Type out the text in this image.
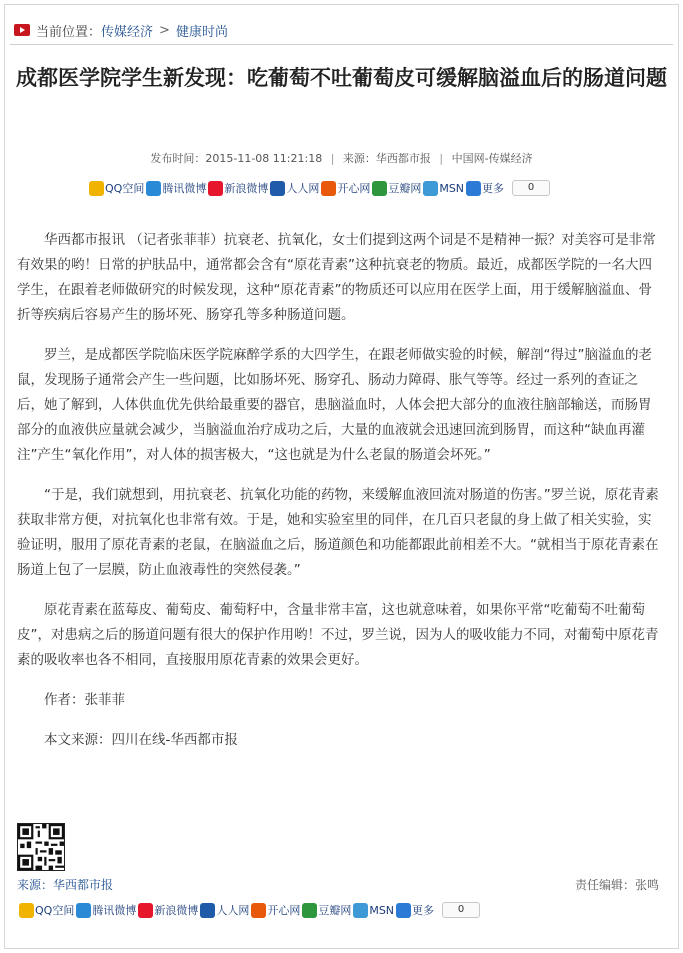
当前位置： 传媒经济 > 健康时尚
成都医学院学生新发现：吃葡萄不吐葡萄皮可缓解脑溢血后的肠道问题
发布时间：2015-11-08 11:21:18 | 来源：华西都市报 | 中国网-传媒经济
QQ空间 腾讯微博 新浪微博 人人网 开心网 豆瓣网 MSN 更多	0

华西都市报讯 （记者张菲菲）抗衰老、抗氧化，女士们提到这两个词是不是精神一振？对美容可是非常有效果的哟！日常的护肤品中，通常都会含有“原花青素”这种抗衰老的物质。最近，成都医学院的一名大四学生，在跟着老师做研究的时候发现，这种“原花青素”的物质还可以应用在医学上面，用于缓解脑溢血、骨折等疾病后容易产生的肠坏死、肠穿孔等多种肠道问题。

罗兰，是成都医学院临床医学院麻醉学系的大四学生，在跟老师做实验的时候，解剖“得过”脑溢血的老鼠，发现肠子通常会产生一些问题，比如肠坏死、肠穿孔、肠动力障碍、胀气等等。经过一系列的查证之后，她了解到，人体供血优先供给最重要的器官，患脑溢血时，人体会把大部分的血液往脑部输送，而肠胃部分的血液供应量就会减少，当脑溢血治疗成功之后，大量的血液就会迅速回流到肠胃，而这种“缺血再灌注”产生“氧化作用”，对人体的损害极大，“这也就是为什么老鼠的肠道会坏死。”

“于是，我们就想到，用抗衰老、抗氧化功能的药物，来缓解血液回流对肠道的伤害。”罗兰说，原花青素获取非常方便，对抗氧化也非常有效。于是，她和实验室里的同伴，在几百只老鼠的身上做了相关实验，实验证明，服用了原花青素的老鼠，在脑溢血之后，肠道颜色和功能都跟此前相差不大。“就相当于原花青素在肠道上包了一层膜，防止血液毒性的突然侵袭。”

原花青素在蓝莓皮、葡萄皮、葡萄籽中，含量非常丰富，这也就意味着，如果你平常“吃葡萄不吐葡萄皮”，对患病之后的肠道问题有很大的保护作用哟！不过，罗兰说，因为人的吸收能力不同，对葡萄中原花青素的吸收率也各不相同，直接服用原花青素的效果会更好。

作者：张菲菲

本文来源：四川在线-华西都市报

来源：华西都市报	责任编辑：张鸣
QQ空间 腾讯微博 新浪微博 人人网 开心网 豆瓣网 MSN 更多	0
